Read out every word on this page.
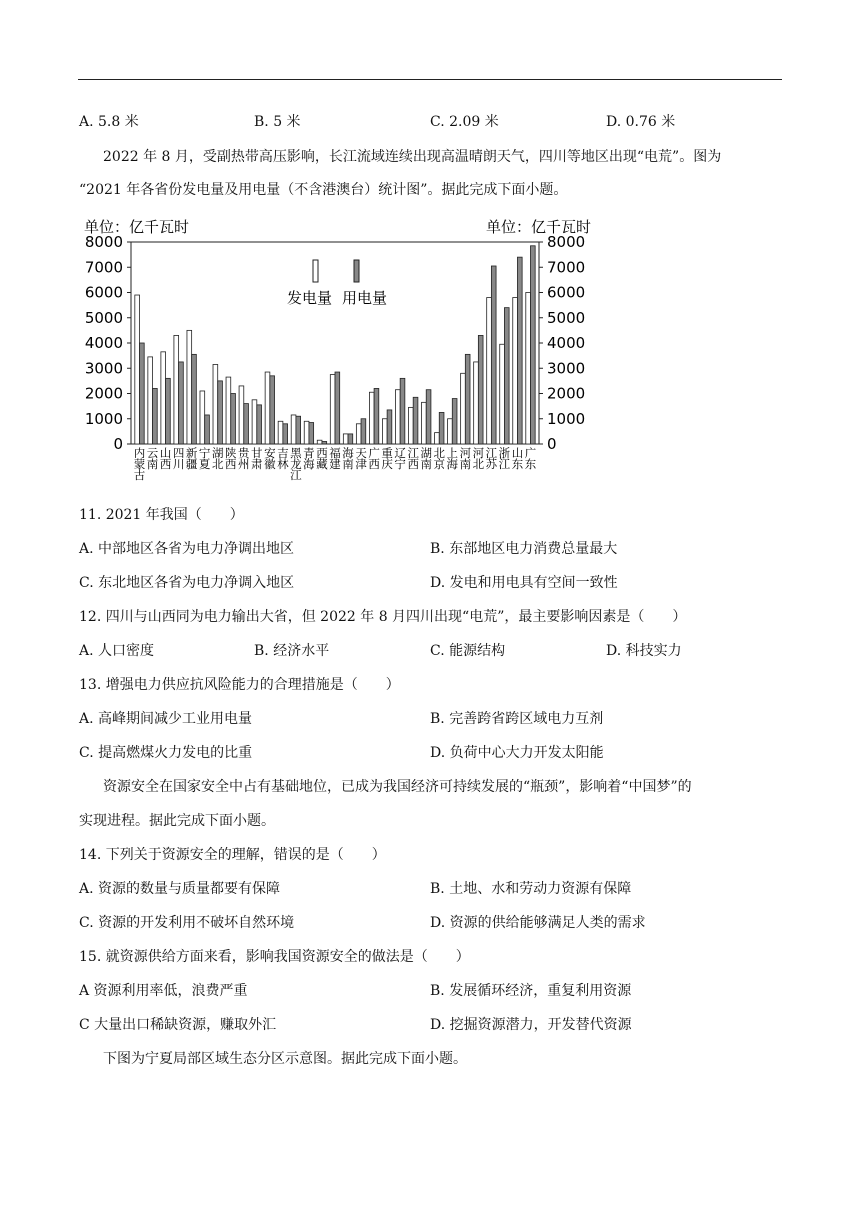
A. 5.8 米	B. 5 米	C. 2.09 米	D. 0.76 米
2022 年 8 月，受副热带高压影响，长江流域连续出现高温晴朗天气，四川等地区出现“电荒”。图为
“2021 年各省份发电量及用电量（不含港澳台）统计图”。据此完成下面小题。
单位：亿千瓦时	单位：亿千瓦时
0
1000
2000
3000
4000
5000
6000
7000
8000
0
1000
2000
3000
4000
5000
6000
7000
8000
内蒙古
云南
山西
四川
新疆
宁夏
湖北
陕西
贵州
甘肃
安徽
吉林
黑龙江
青海
西藏
福建
海南
天津
广西
重庆
辽宁
江西
湖南
北京
上海
河南
河北
江苏
浙江
山东
广东
发电量 用电量
11. 2021 年我国（　　）
A. 中部地区各省为电力净调出地区	B. 东部地区电力消费总量最大
C. 东北地区各省为电力净调入地区	D. 发电和用电具有空间一致性
12. 四川与山西同为电力输出大省，但 2022 年 8 月四川出现“电荒”，最主要影响因素是（　　）
A. 人口密度	B. 经济水平	C. 能源结构	D. 科技实力
13. 增强电力供应抗风险能力的合理措施是（　　）
A. 高峰期间减少工业用电量	B. 完善跨省跨区域电力互剂
C. 提高燃煤火力发电的比重	D. 负荷中心大力开发太阳能
资源安全在国家安全中占有基础地位，已成为我国经济可持续发展的“瓶颈”，影响着“中国梦”的
实现进程。据此完成下面小题。
14. 下列关于资源安全的理解，错误的是（　　）
A. 资源的数量与质量都要有保障	B. 土地、水和劳动力资源有保障
C. 资源的开发利用不破坏自然环境	D. 资源的供给能够满足人类的需求
15. 就资源供给方面来看，影响我国资源安全的做法是（　　）
A 资源利用率低，浪费严重	B. 发展循环经济，重复利用资源
C 大量出口稀缺资源，赚取外汇	D. 挖掘资源潜力，开发替代资源
下图为宁夏局部区域生态分区示意图。据此完成下面小题。
